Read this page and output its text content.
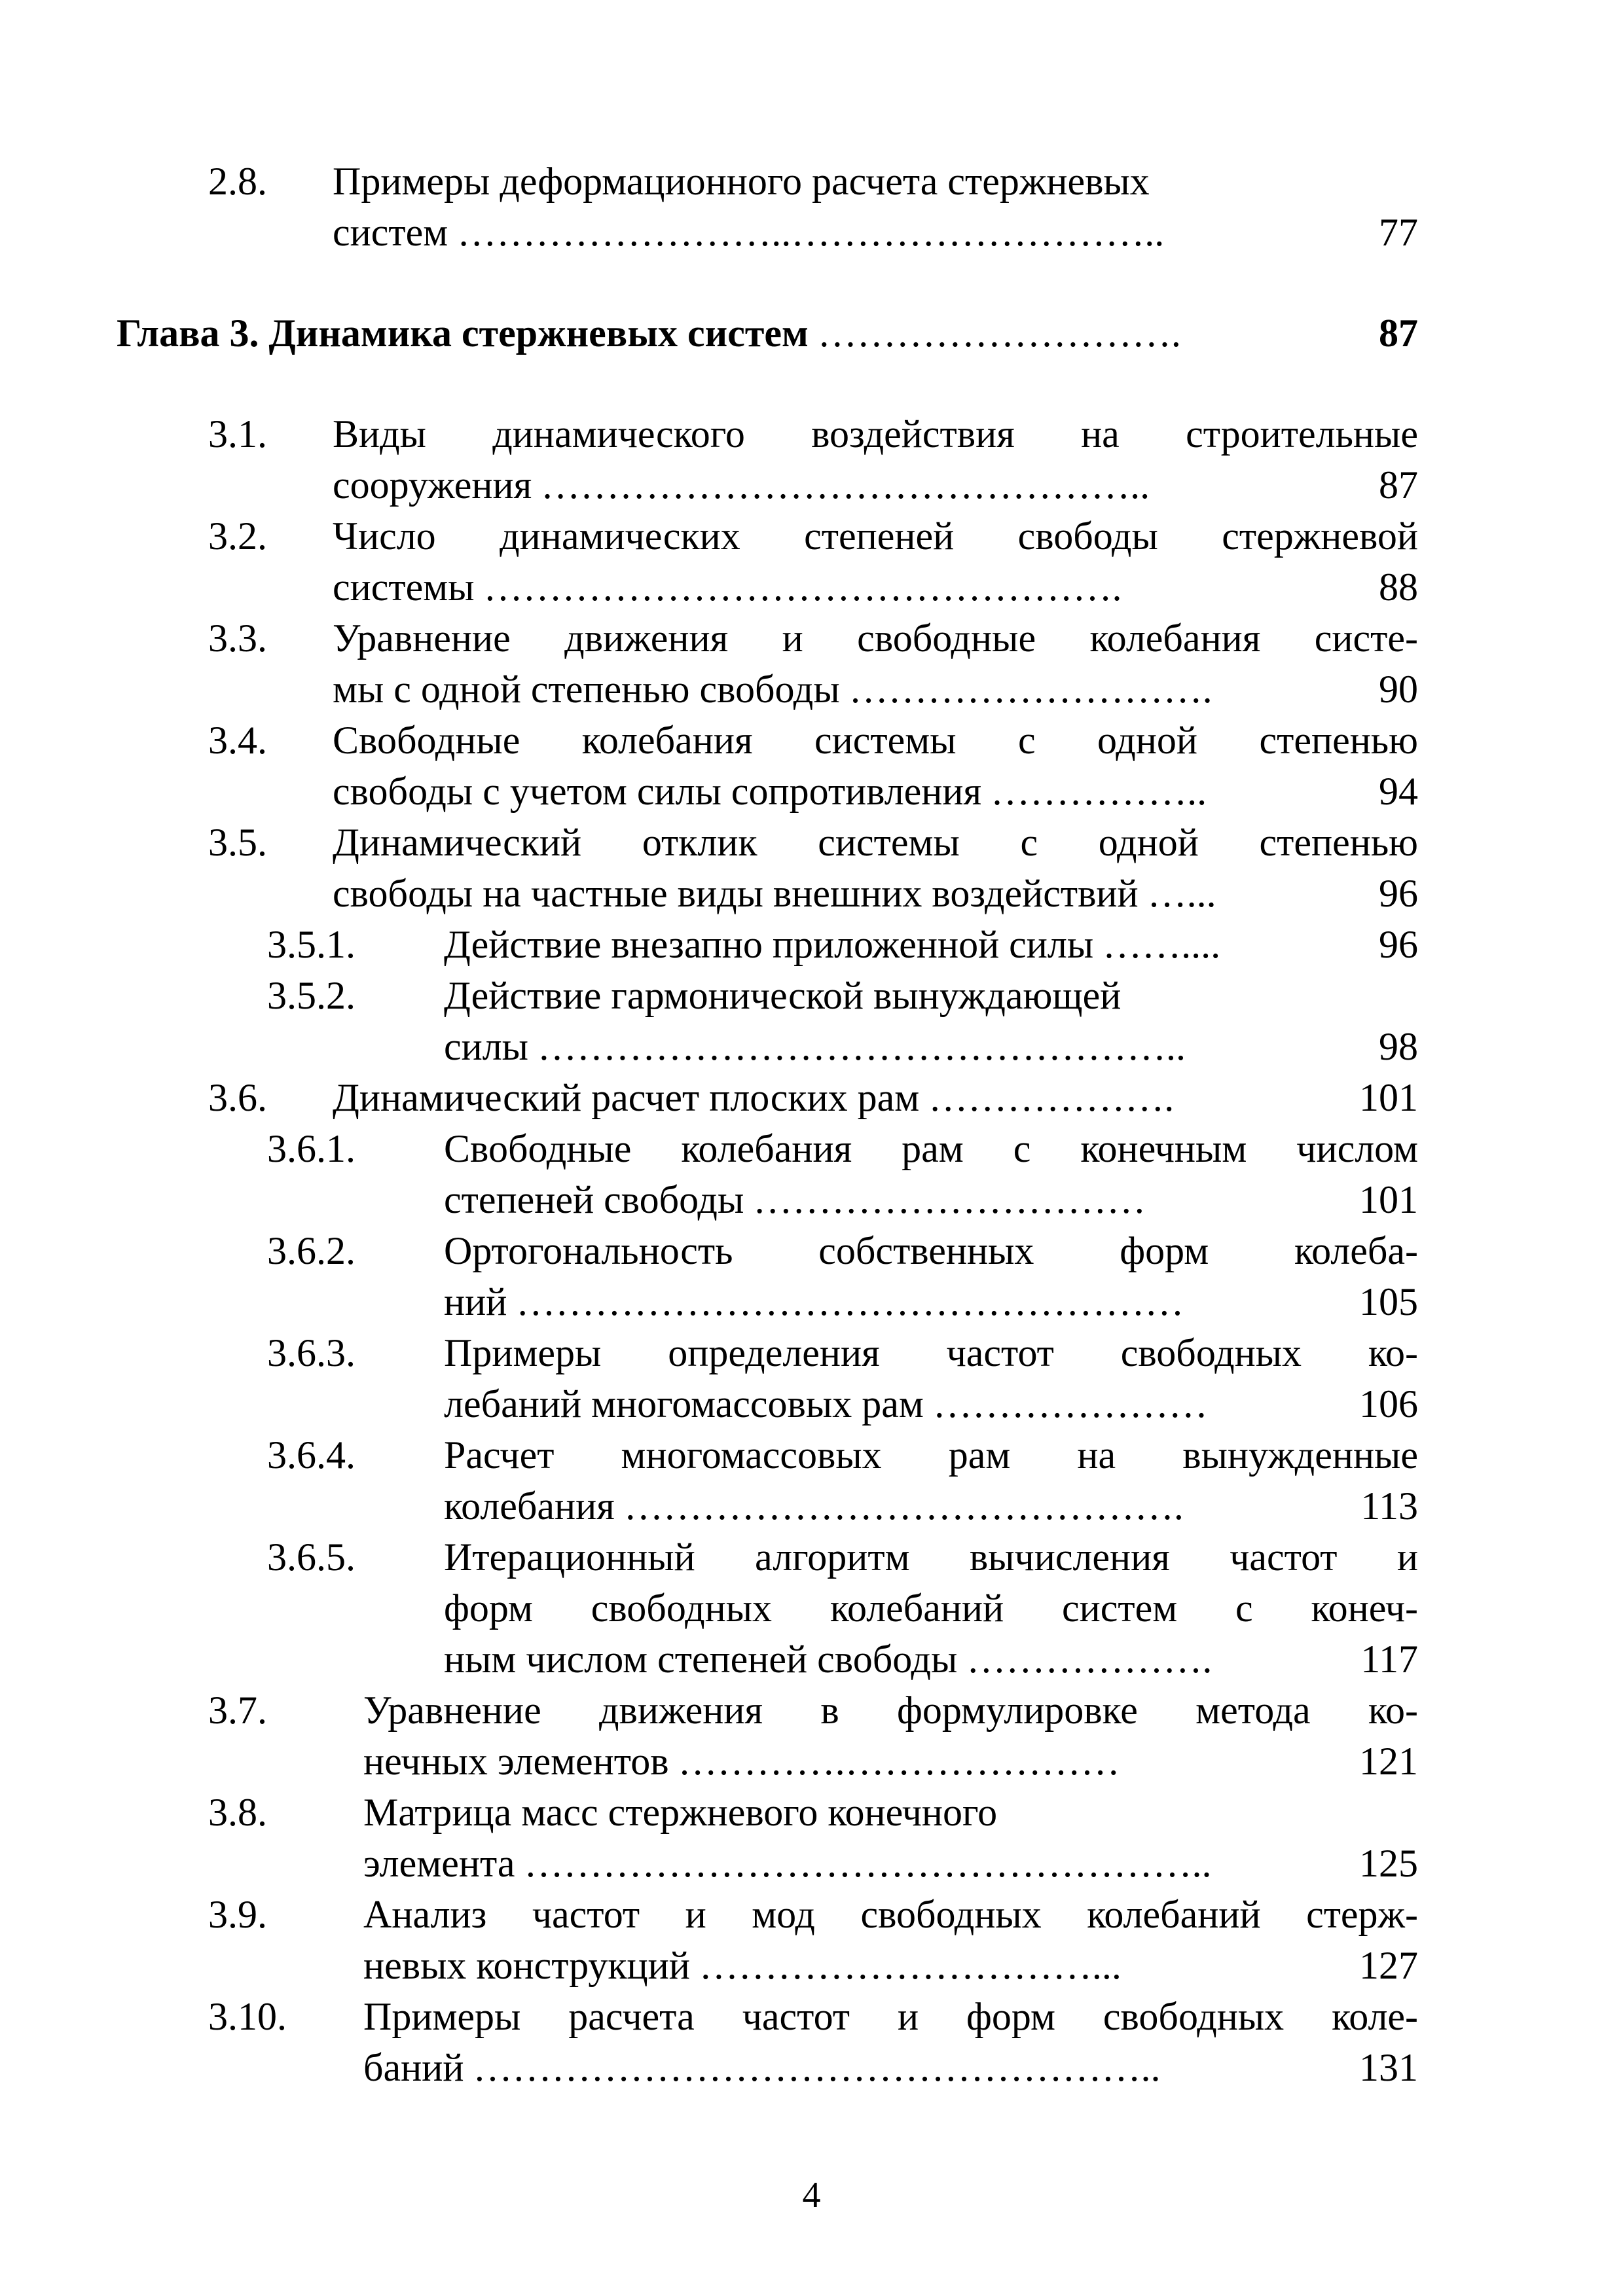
2.8. Примеры деформационного расчета стержневых
систем ……………………..………………………..	77
Глава 3. Динамика стержневых систем ……………………….	87
3.1. Виды динамического воздействия на строительные
сооружения ………………………………………..	87
3.2. Число динамических степеней свободы стержневой
системы ………………………………………….	88
3.3. Уравнение движения и свободные колебания систе-
мы с одной степенью свободы ……………………….	90
3.4. Свободные колебания системы с одной степенью
свободы с учетом силы сопротивления ……………..	94
3.5. Динамический отклик системы с одной степенью
свободы на частные виды внешних воздействий …...	96
3.5.1. Действие внезапно приложенной силы ……....	96
3.5.2. Действие гармонической вынуждающей
силы …………………………………………..	98
3.6. Динамический расчет плоских рам ……………….	101
3.6.1. Свободные колебания рам с конечным числом
степеней свободы …………………………	101
3.6.2. Ортогональность собственных форм колеба-
ний ……………………………………………	105
3.6.3. Примеры определения частот свободных ко-
лебаний многомассовых рам …………………	106
3.6.4. Расчет многомассовых рам на вынужденные
колебания …………………………………….	113
3.6.5. Итерационный алгоритм вычисления частот и
форм свободных колебаний систем с конеч-
ным числом степеней свободы ……………….	117
3.7. Уравнение движения в формулировке метода ко-
нечных элементов ………….…………………	121
3.8. Матрица масс стержневого конечного
элемента ……………………………………………..	125
3.9. Анализ частот и мод свободных колебаний стерж-
невых конструкций …………………………...	127
3.10. Примеры расчета частот и форм свободных коле-
баний ……………………………………………..	131
4
